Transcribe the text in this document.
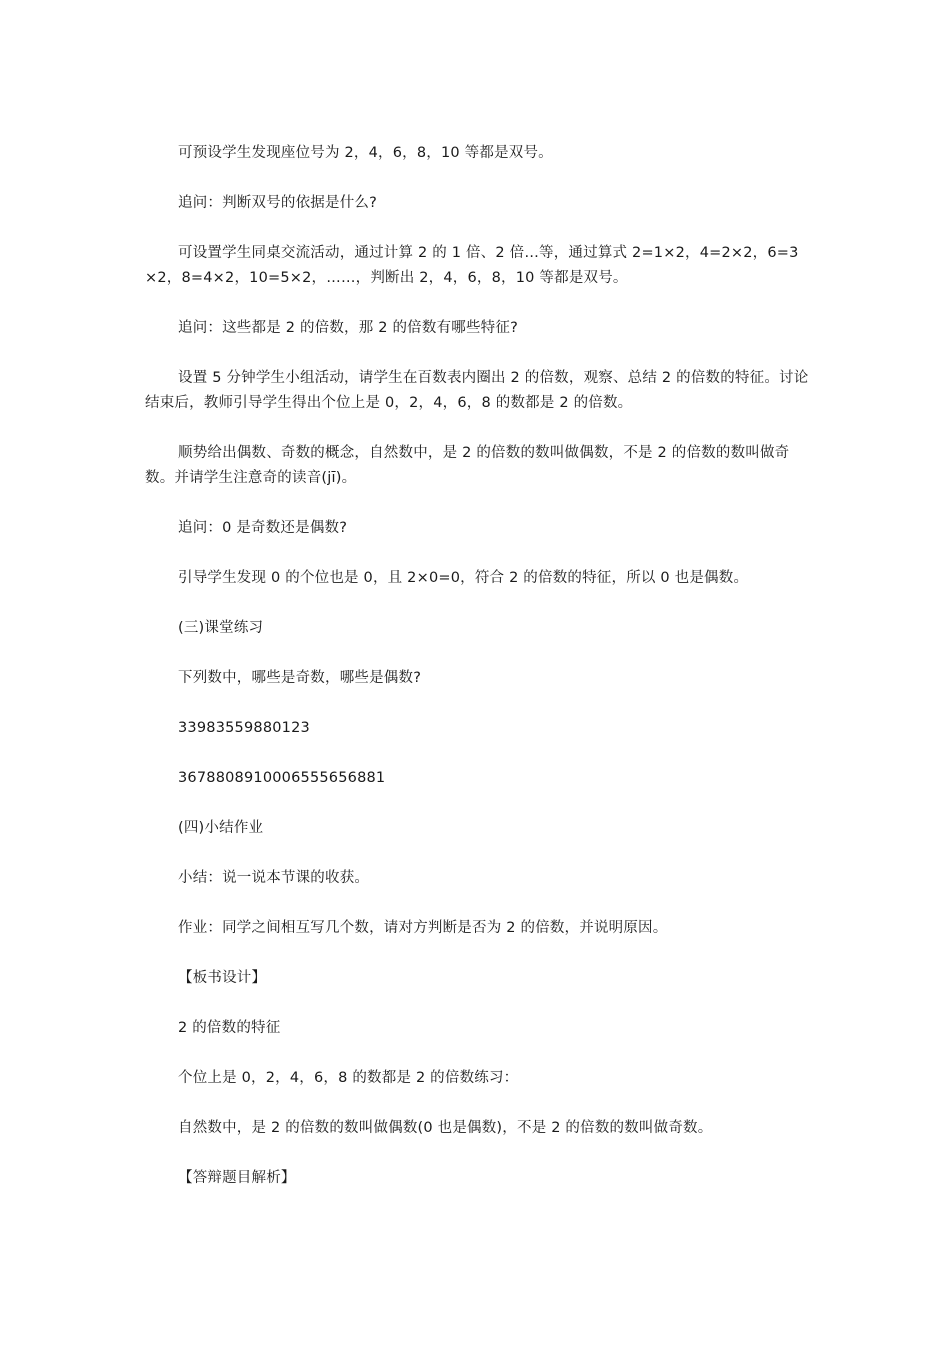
可预设学生发现座位号为 2，4，6，8，10 等都是双号。

追问：判断双号的依据是什么?

可设置学生同桌交流活动，通过计算 2 的 1 倍、2 倍…等，通过算式 2=1×2，4=2×2，6=3×2，8=4×2，10=5×2，……，判断出 2，4，6，8，10 等都是双号。

追问：这些都是 2 的倍数，那 2 的倍数有哪些特征?

设置 5 分钟学生小组活动，请学生在百数表内圈出 2 的倍数，观察、总结 2 的倍数的特征。讨论结束后，教师引导学生得出个位上是 0，2，4，6，8 的数都是 2 的倍数。

顺势给出偶数、奇数的概念，自然数中，是 2 的倍数的数叫做偶数，不是 2 的倍数的数叫做奇数。并请学生注意奇的读音(jī)。

追问：0 是奇数还是偶数?

引导学生发现 0 的个位也是 0，且 2×0=0，符合 2 的倍数的特征，所以 0 也是偶数。

(三)课堂练习

下列数中，哪些是奇数，哪些是偶数?

33983559880123

3678808910006555656881

(四)小结作业

小结：说一说本节课的收获。

作业：同学之间相互写几个数，请对方判断是否为 2 的倍数，并说明原因。

【板书设计】

2 的倍数的特征

个位上是 0，2，4，6，8 的数都是 2 的倍数练习：

自然数中，是 2 的倍数的数叫做偶数(0 也是偶数)，不是 2 的倍数的数叫做奇数。

【答辩题目解析】
